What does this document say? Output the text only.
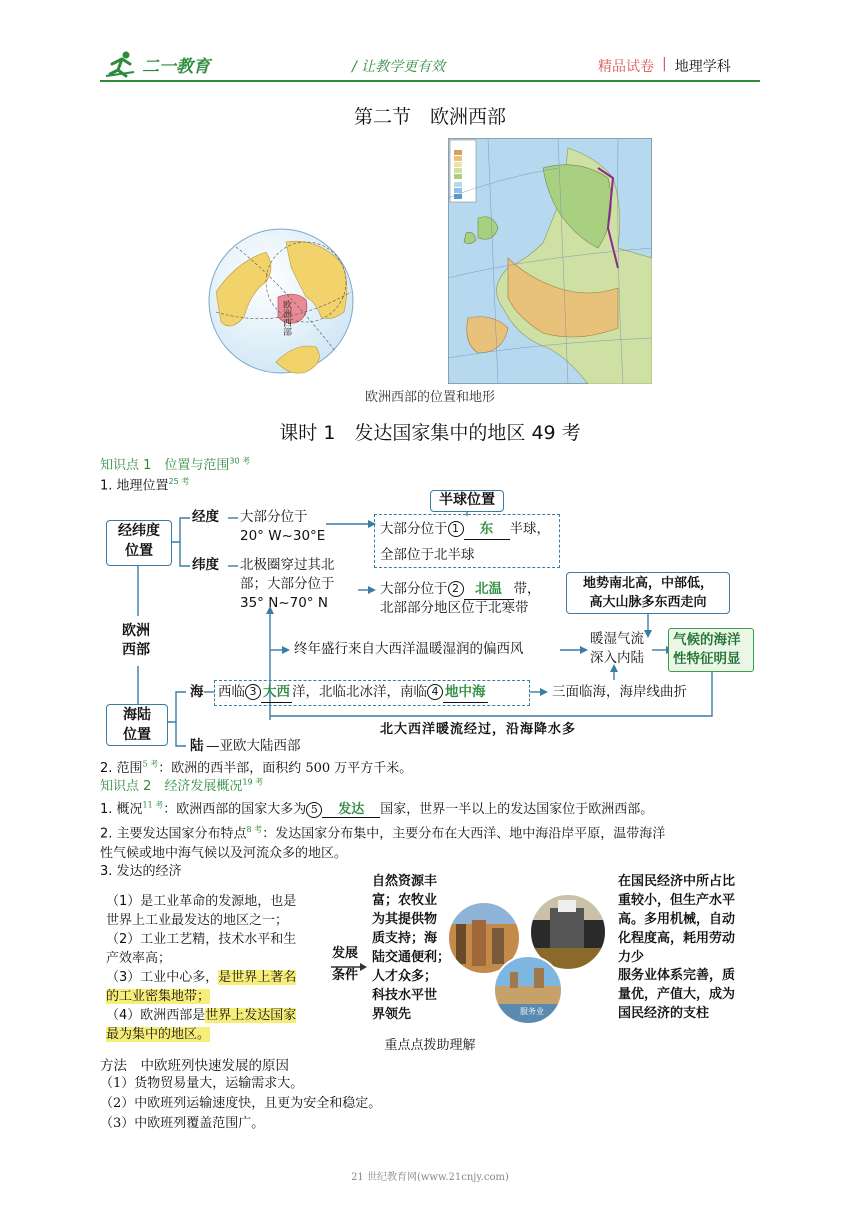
二一教育	/ 让教学更有效	精品试卷 | 地理学科
第二节　欧洲西部
欧洲西部
欧洲西部的位置和地形
课时 1　发达国家集中的地区 49 考
知识点 1　位置与范围$^{30 考}$
1. 地理位置$^{25 考}$
经纬度
位置
经度 大部分位于
20° W~30°E
半球位置
大部分位于 1 东 半球，
全部位于北半球
纬度 北极圈穿过其北
部；大部分位于
35° N~70° N
大部分位于 2 北温 带，
北部部分地区位于北寒带
地势南北高，中部低，
高大山脉多东西走向
欧洲
西部	终年盛行来自大西洋温暖湿润的偏西风
暖湿气流
深入内陆
气候的海洋
性特征明显
海 西临 3 大西 洋，北临北冰洋，南临 4 地中海	三面临海，海岸线曲折
北大西洋暖流经过，沿海降水多
海陆
位置
陆 —亚欧大陆西部
2. 范围$^{5 考}$：欧洲的西半部，面积约 500 万平方千米。
知识点 2　经济发展概况$^{19 考}$
1. 概况$^{11 考}$：欧洲西部的国家大多为 5 发达 国家，世界一半以上的发达国家位于欧洲西部。
2. 主要发达国家分布特点$^{8 考}$：发达国家分布集中，主要分布在大西洋、地中海沿岸平原，温带海洋
性气候或地中海气候以及河流众多的地区。
3. 发达的经济
（1）是工业革命的发源地，也是
世界上工业最发达的地区之一；
（2）工业工艺精，技术水平和生
产效率高；
（3）工业中心多，是世界上著名
的工业密集地带；
（4）欧洲西部是世界上发达国家
最为集中的地区。
发展
条件
自然资源丰
富；农牧业
为其提供物
质支持；海
陆交通便利；
人才众多；
科技水平世
界领先	服务业
在国民经济中所占比
重较小，但生产水平
高。多用机械，自动
化程度高，耗用劳动
力少
服务业体系完善，质
量优，产值大，成为
国民经济的支柱
重点点拨助理解
方法　中欧班列快速发展的原因
（1）货物贸易量大，运输需求大。
（2）中欧班列运输速度快，且更为安全和稳定。
（3）中欧班列覆盖范围广。
21 世纪教育网(www.21cnjy.com)
